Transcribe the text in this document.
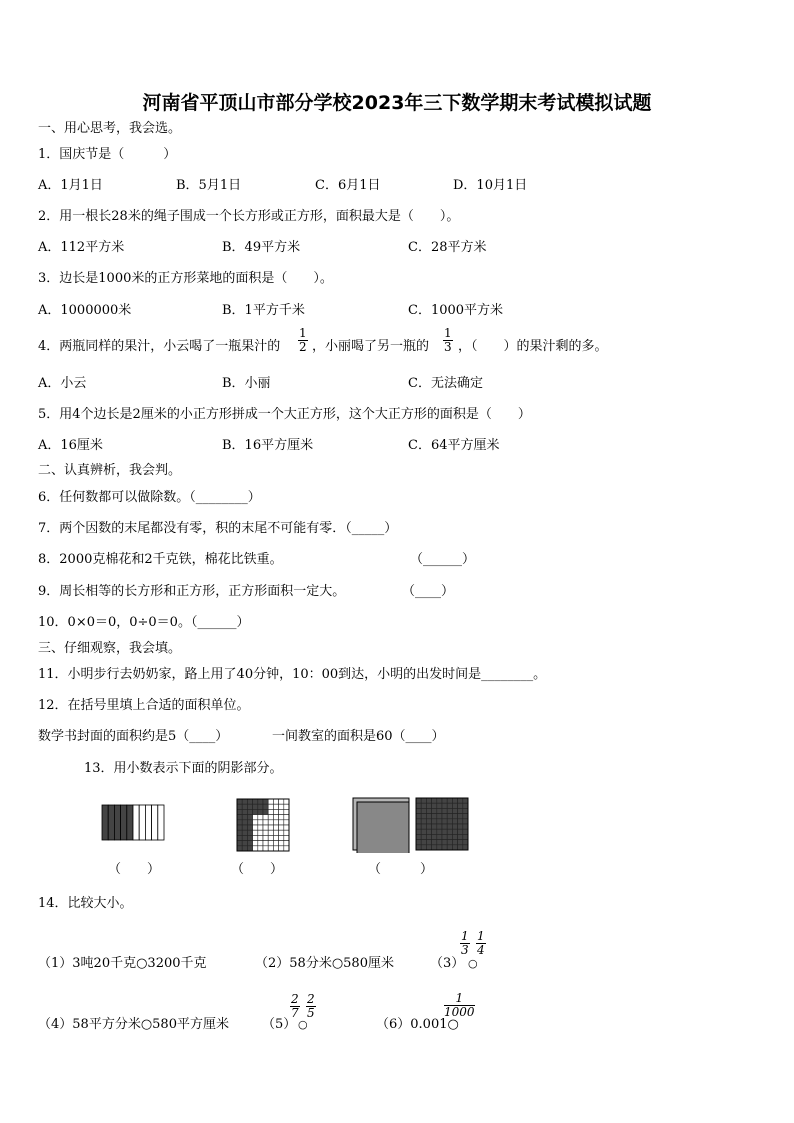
河南省平顶山市部分学校2023年三下数学期末考试模拟试题
一、用心思考，我会选。
1．国庆节是（　　　）
A．1月1日	B．5月1日	C．6月1日	D．10月1日
2．用一根长28米的绳子围成一个长方形或正方形，面积最大是（　　）。
A．112平方米	B．49平方米	C．28平方米
3．边长是1000米的正方形菜地的面积是（　　）。
A．1000000米	B．1平方千米	C．1000平方米
4．两瓶同样的果汁，小云喝了一瓶果汁的 $\frac{1}{2}$ ，小丽喝了另一瓶的 $\frac{1}{3}$ ，（　　）的果汁剩的多。
A．小云	B．小丽	C．无法确定
5．用4个边长是2厘米的小正方形拼成一个大正方形，这个大正方形的面积是（　　）
A．16厘米	B．16平方厘米	C．64平方厘米
二、认真辨析，我会判。
6．任何数都可以做除数。（________）
7．两个因数的末尾都没有零，积的末尾不可能有零．（_____）
8．2000克棉花和2千克铁，棉花比铁重。	（______）
9．周长相等的长方形和正方形，正方形面积一定大。	（____）
10．0×0＝0，0÷0＝0。（______）
三、仔细观察，我会填。
11．小明步行去奶奶家，路上用了40分钟，10：00到达，小明的出发时间是________。
12．在括号里填上合适的面积单位。
数学书封面的面积约是5（____）	一间教室的面积是60（____）
13．用小数表示下面的阴影部分。
（　　）	（　　）	（　　　）
14．比较大小。
（1）3吨20千克○3200千克	（2）58分米○580厘米	（3）
$\frac{1}{3}$
○
$\frac{1}{4}$
（4）58平方分米○580平方厘米	（5）
$\frac{2}{7}$
○
$\frac{2}{5}$
（6）0.001○
$\frac{1}{1000}$
